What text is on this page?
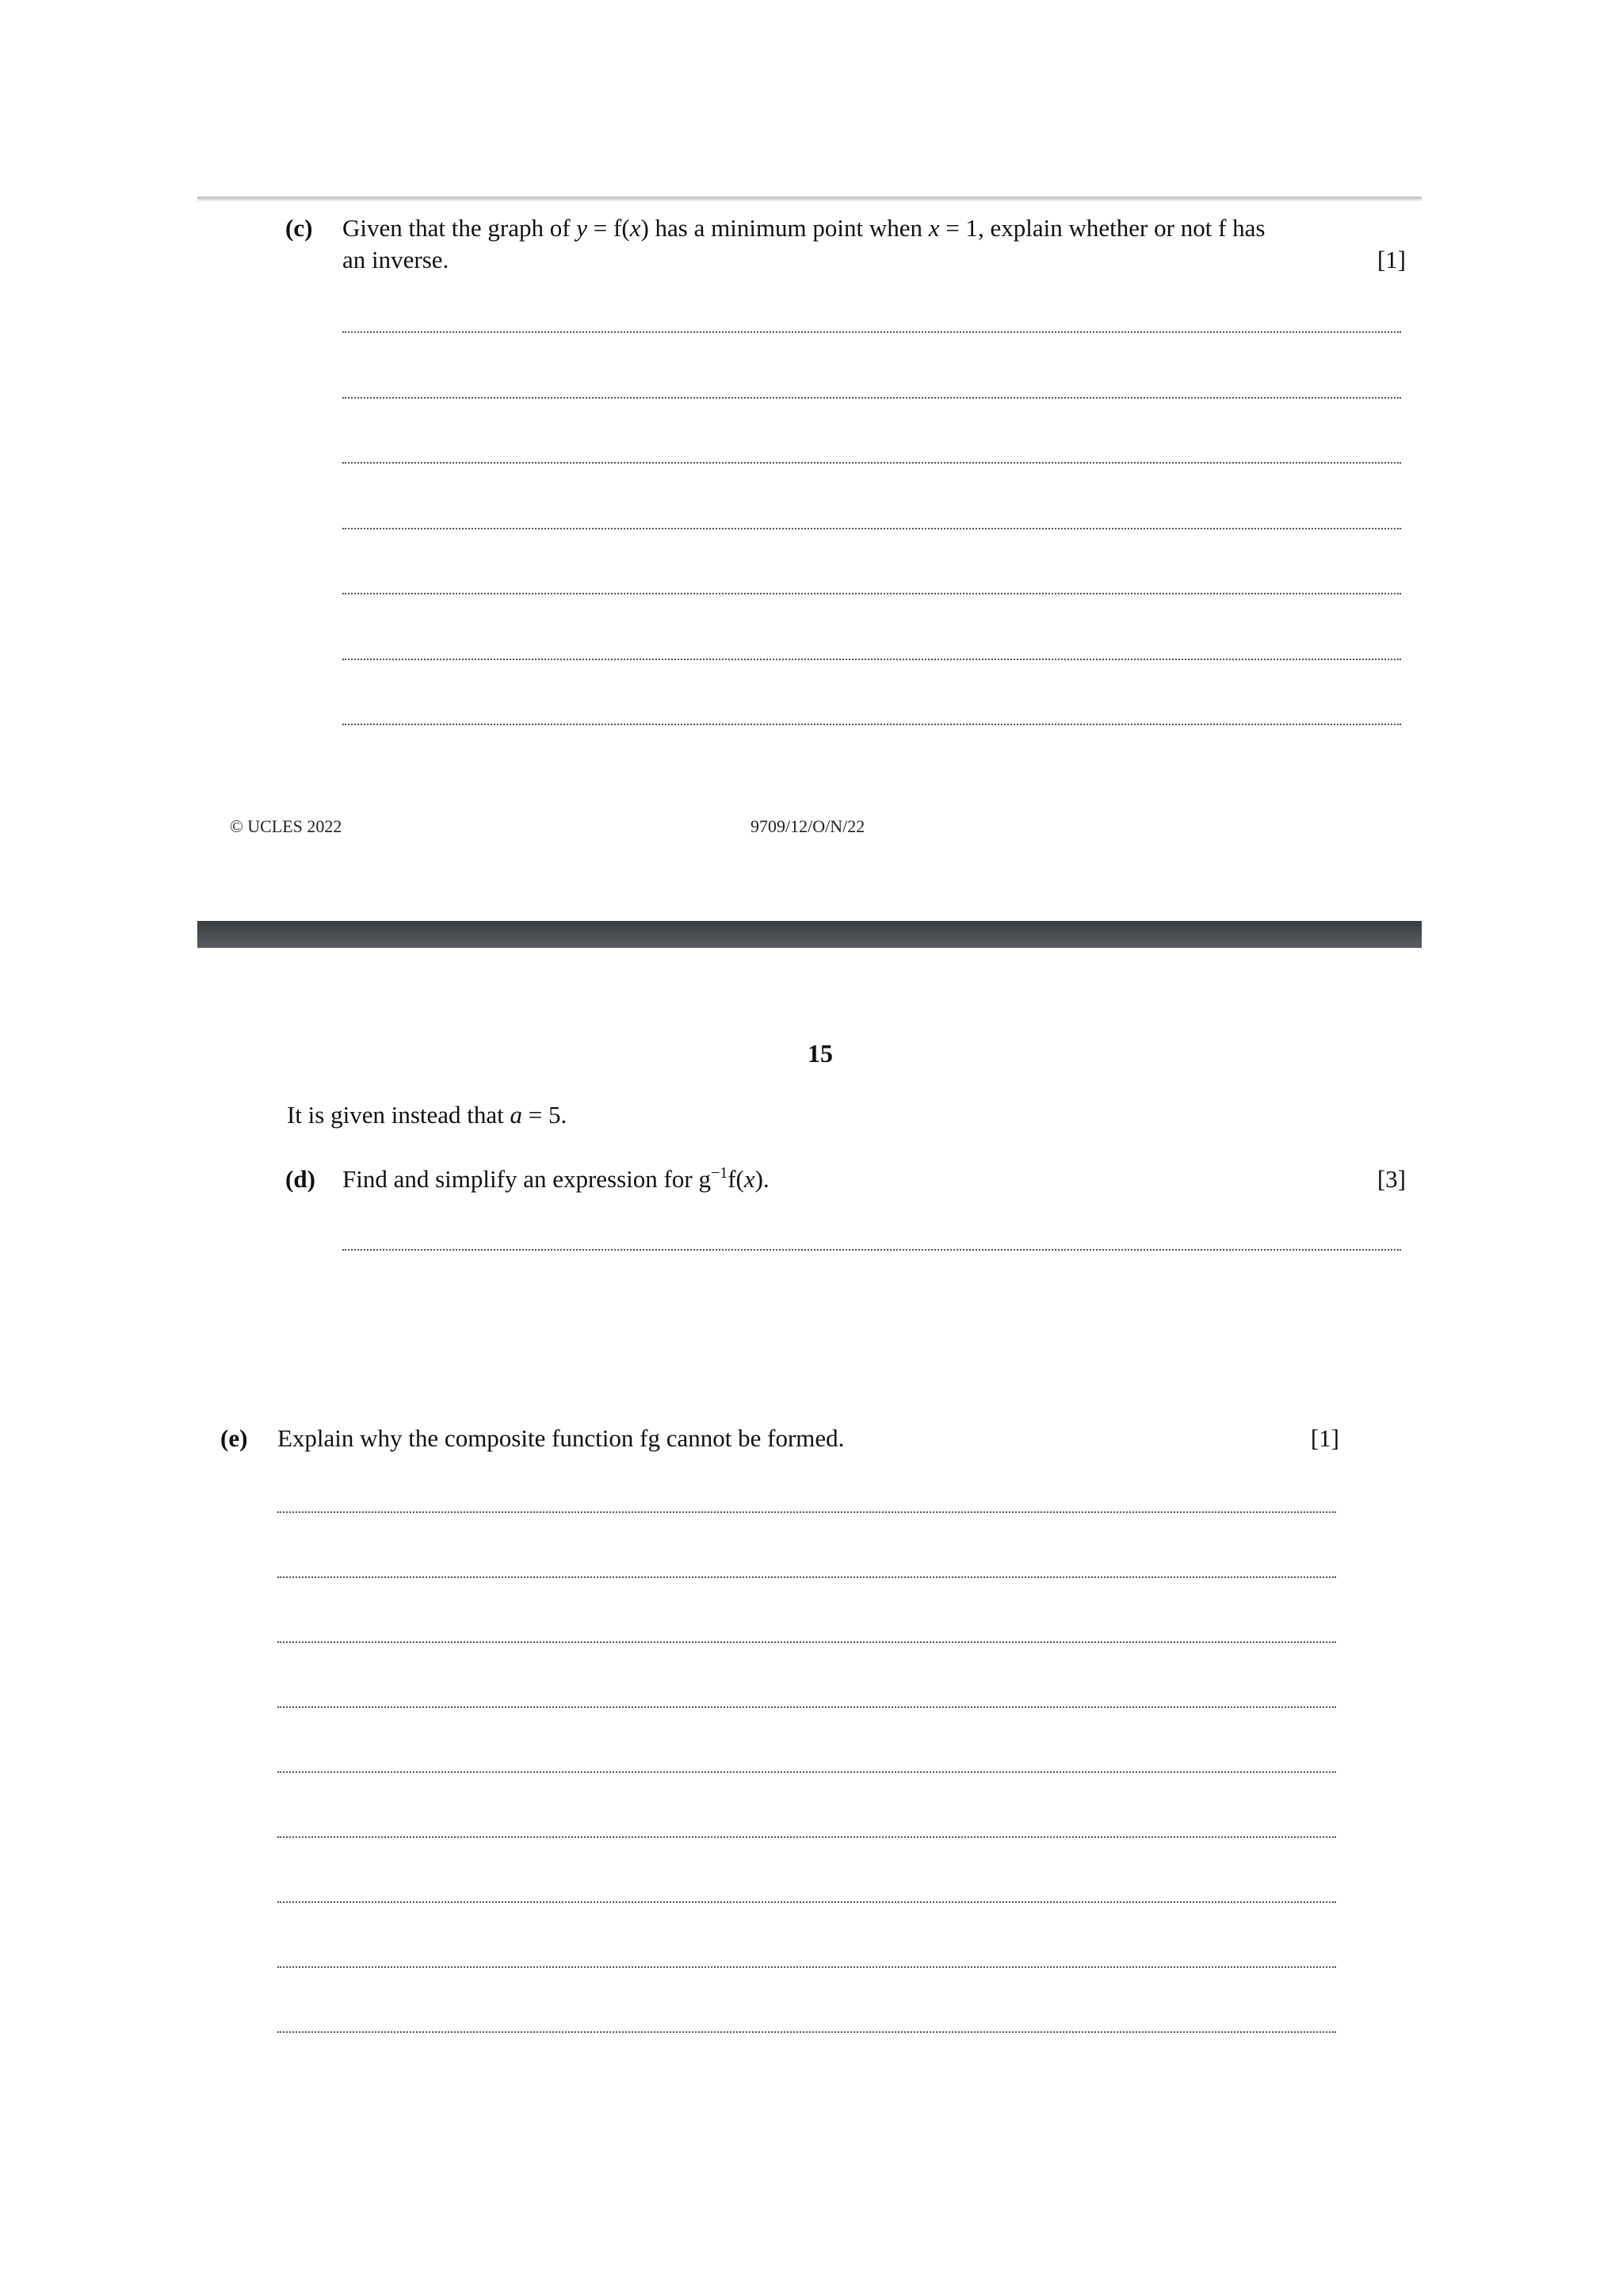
(c) Given that the graph of y = f(x) has a minimum point when x = 1, explain whether or not f has
an inverse.	[1]
© UCLES 2022	9709/12/O/N/22
15
It is given instead that a = 5.
(d) Find and simplify an expression for $g^{-1}f(x)$.	[3]
(e) Explain why the composite function fg cannot be formed.	[1]
